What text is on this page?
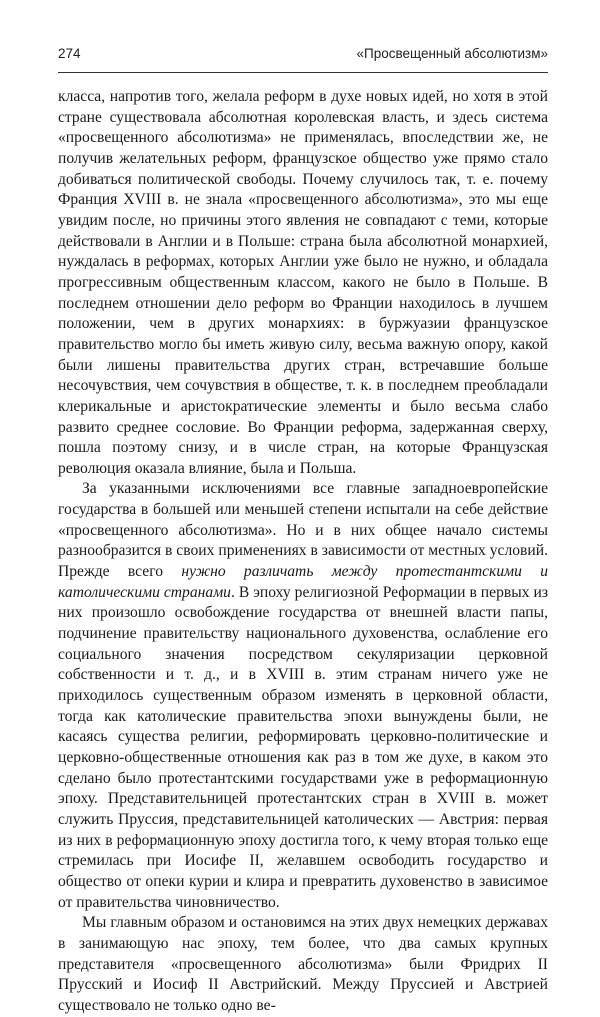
274	«Просвещенный абсолютизм»

класса, напротив того, желала реформ в духе новых идей, но хотя в этой стране существовала абсолютная королевская власть, и здесь система «просвещенного абсолютизма» не применялась, впоследствии же, не получив желательных реформ, французское общество уже прямо стало добиваться политической свободы. Почему случилось так, т. е. почему Франция XVIII в. не знала «просвещенного абсолютизма», это мы еще увидим после, но причины этого явления не совпадают с теми, которые действовали в Англии и в Польше: страна была абсолютной монархией, нуждалась в реформах, которых Англии уже было не нужно, и обладала прогрессивным общественным классом, какого не было в Польше. В последнем отношении дело реформ во Франции находилось в лучшем положении, чем в других монархиях: в буржуазии французское правительство могло бы иметь живую силу, весьма важную опору, какой были лишены правительства других стран, встречавшие больше несочувствия, чем сочувствия в обществе, т. к. в последнем преобладали клерикальные и аристократические элементы и было весьма слабо развито среднее сословие. Во Франции реформа, задержанная сверху, пошла поэтому снизу, и в числе стран, на которые Французская революция оказала влияние, была и Польша.

За указанными исключениями все главные западноевропейские государства в большей или меньшей степени испытали на себе действие «просвещенного абсолютизма». Но и в них общее начало системы разнообразится в своих применениях в зависимости от местных условий. Прежде всего нужно различать между протестантскими и католическими странами. В эпоху религиозной Реформации в первых из них произошло освобождение государства от внешней власти папы, подчинение правительству национального духовенства, ослабление его социального значения посредством секуляризации церковной собственности и т. д., и в XVIII в. этим странам ничего уже не приходилось существенным образом изменять в церковной области, тогда как католические правительства эпохи вынуждены были, не касаясь существа религии, реформировать церковно-политические и церковно-общественные отношения как раз в том же духе, в каком это сделано было протестантскими государствами уже в реформационную эпоху. Представительницей протестантских стран в XVIII в. может служить Пруссия, представительницей католических — Австрия: первая из них в реформационную эпоху достигла того, к чему вторая только еще стремилась при Иосифе II, желавшем освободить государство и общество от опеки курии и клира и превратить духовенство в зависимое от правительства чиновничество.

Мы главным образом и остановимся на этих двух немецких державах в занимающую нас эпоху, тем более, что два самых крупных представителя «просвещенного абсолютизма» были Фридрих II Прусский и Иосиф II Австрийский. Между Пруссией и Австрией существовало не только одно ве-
